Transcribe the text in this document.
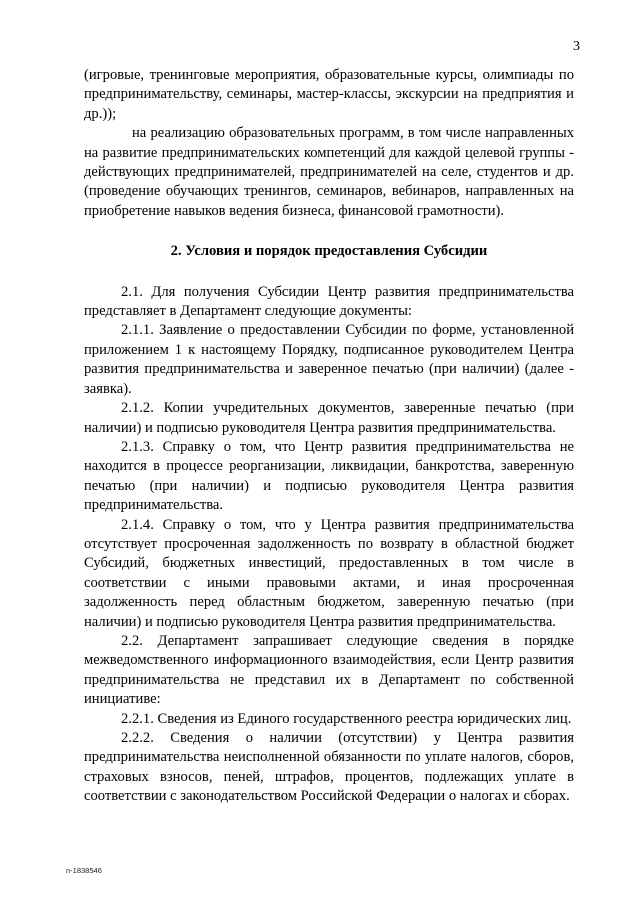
3

(игровые, тренинговые мероприятия, образовательные курсы, олимпиады по предпринимательству, семинары, мастер-классы, экскурсии на предприятия и др.));

на реализацию образовательных программ, в том числе направленных на развитие предпринимательских компетенций для каждой целевой группы - действующих предпринимателей, предпринимателей на селе, студентов и др. (проведение обучающих тренингов, семинаров, вебинаров, направленных на приобретение навыков ведения бизнеса, финансовой грамотности).

2. Условия и порядок предоставления Субсидии

2.1. Для получения Субсидии Центр развития предпринимательства представляет в Департамент следующие документы:

2.1.1. Заявление о предоставлении Субсидии по форме, установленной приложением 1 к настоящему Порядку, подписанное руководителем Центра развития предпринимательства и заверенное печатью (при наличии) (далее - заявка).

2.1.2. Копии учредительных документов, заверенные печатью (при наличии) и подписью руководителя Центра развития предпринимательства.

2.1.3. Справку о том, что Центр развития предпринимательства не находится в процессе реорганизации, ликвидации, банкротства, заверенную печатью (при наличии) и подписью руководителя Центра развития предпринимательства.

2.1.4. Справку о том, что у Центра развития предпринимательства отсутствует просроченная задолженность по возврату в областной бюджет Субсидий, бюджетных инвестиций, предоставленных в том числе в соответствии с иными правовыми актами, и иная просроченная задолженность перед областным бюджетом, заверенную печатью (при наличии) и подписью руководителя Центра развития предпринимательства.

2.2. Департамент запрашивает следующие сведения в порядке межведомственного информационного взаимодействия, если Центр развития предпринимательства не представил их в Департамент по собственной инициативе:

2.2.1. Сведения из Единого государственного реестра юридических лиц.

2.2.2. Сведения о наличии (отсутствии) у Центра развития предпринимательства неисполненной обязанности по уплате налогов, сборов, страховых взносов, пеней, штрафов, процентов, подлежащих уплате в соответствии с законодательством Российской Федерации о налогах и сборах.

n-1838546
